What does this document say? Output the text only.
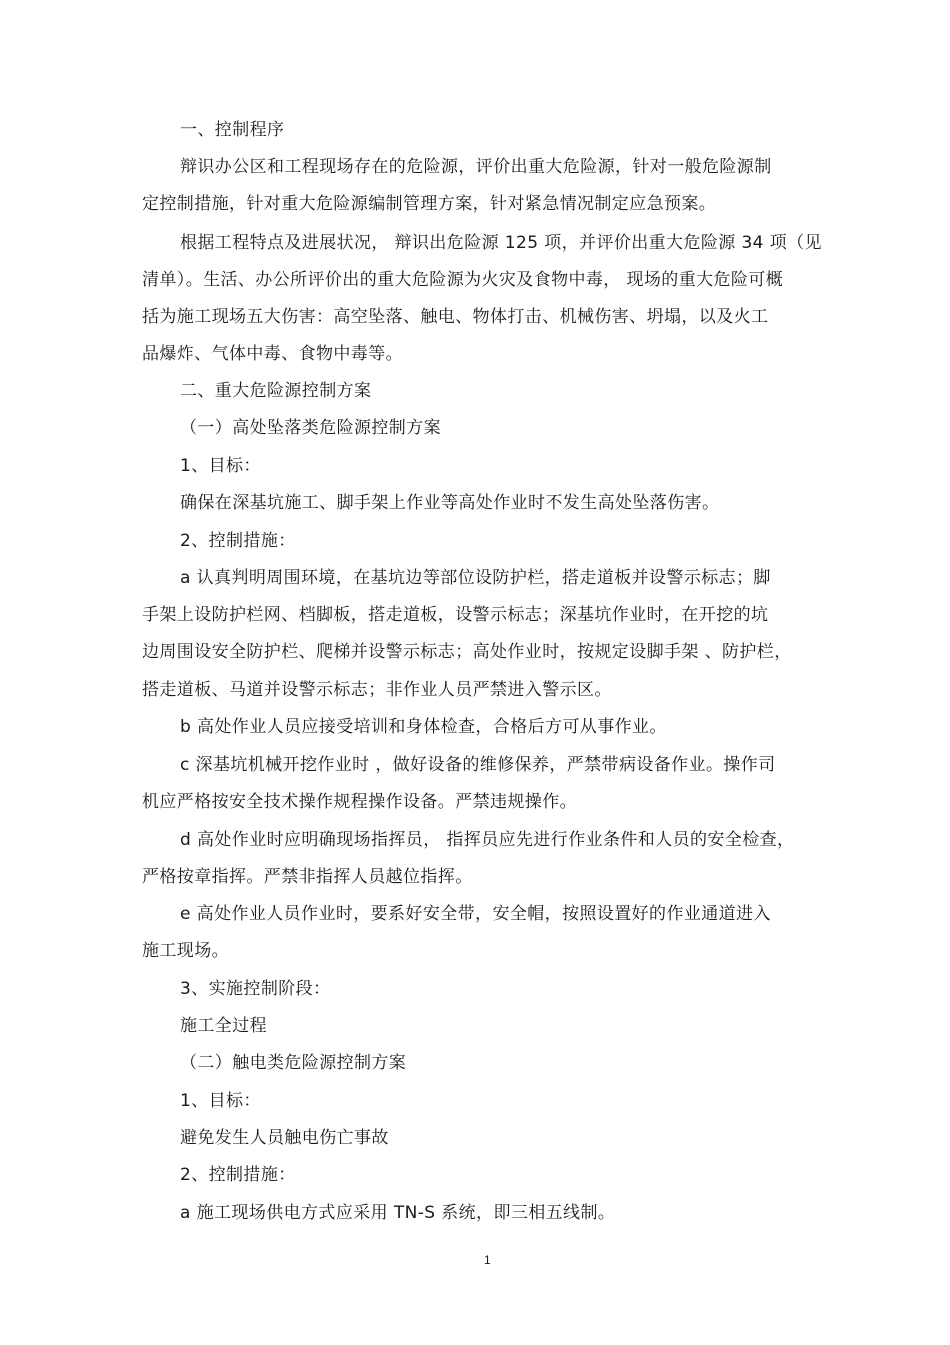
一、控制程序
辩识办公区和工程现场存在的危险源，评价出重大危险源，针对一般危险源制
定控制措施，针对重大危险源编制管理方案，针对紧急情况制定应急预案。
根据工程特点及进展状况， 辩识出危险源 125 项，并评价出重大危险源 34 项（见
清单）。生活、办公所评价出的重大危险源为火灾及食物中毒， 现场的重大危险可概
括为施工现场五大伤害：高空坠落、触电、物体打击、机械伤害、坍塌，以及火工
品爆炸、气体中毒、食物中毒等。
二、重大危险源控制方案
（一）高处坠落类危险源控制方案
1、目标：
确保在深基坑施工、脚手架上作业等高处作业时不发生高处坠落伤害。
2、控制措施：
a 认真判明周围环境，在基坑边等部位设防护栏，搭走道板并设警示标志；脚
手架上设防护栏网、档脚板，搭走道板，设警示标志；深基坑作业时，在开挖的坑
边周围设安全防护栏、爬梯并设警示标志；高处作业时，按规定设脚手架 、防护栏，
搭走道板、马道并设警示标志；非作业人员严禁进入警示区。
b 高处作业人员应接受培训和身体检查，合格后方可从事作业。
c 深基坑机械开挖作业时 ，做好设备的维修保养，严禁带病设备作业。操作司
机应严格按安全技术操作规程操作设备。严禁违规操作。
d 高处作业时应明确现场指挥员， 指挥员应先进行作业条件和人员的安全检查，
严格按章指挥。严禁非指挥人员越位指挥。
e 高处作业人员作业时，要系好安全带，安全帽，按照设置好的作业通道进入
施工现场。
3、实施控制阶段：
施工全过程
（二）触电类危险源控制方案
1、目标：
避免发生人员触电伤亡事故
2、控制措施：
a 施工现场供电方式应采用 TN-S 系统，即三相五线制。
1
